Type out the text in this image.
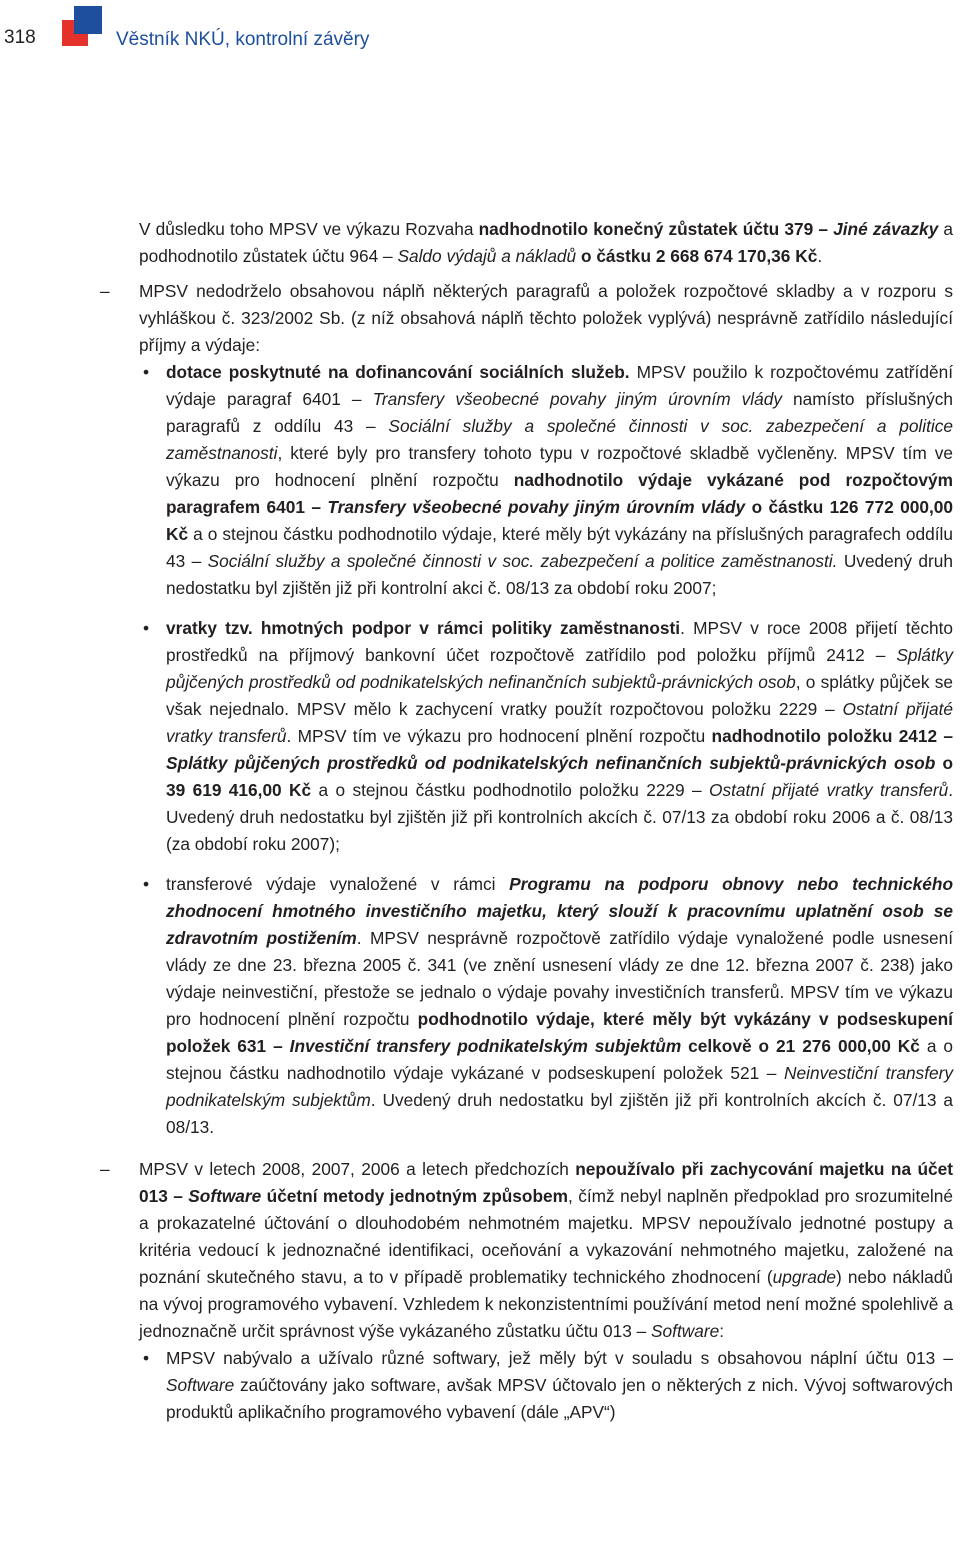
318	Věstník NKÚ, kontrolní závěry

V důsledku toho MPSV ve výkazu Rozvaha nadhodnotilo konečný zůstatek účtu 379 – Jiné závazky a podhodnotilo zůstatek účtu 964 – Saldo výdajů a nákladů o částku 2 668 674 170,36 Kč.

– MPSV nedodrželo obsahovou náplň některých paragrafů a položek rozpočtové skladby a v rozporu s vyhláškou č. 323/2002 Sb. (z níž obsahová náplň těchto položek vyplývá) nesprávně zatřídilo následující příjmy a výdaje:

• dotace poskytnuté na dofinancování sociálních služeb. MPSV použilo k rozpočtovému zatřídění výdaje paragraf 6401 – Transfery všeobecné povahy jiným úrovním vlády namísto příslušných paragrafů z oddílu 43 – Sociální služby a společné činnosti v soc. zabezpečení a politice zaměstnanosti, které byly pro transfery tohoto typu v rozpočtové skladbě vyčleněny. MPSV tím ve výkazu pro hodnocení plnění rozpočtu nadhodnotilo výdaje vykázané pod rozpočtovým paragrafem 6401 – Transfery všeobecné povahy jiným úrovním vlády o částku 126 772 000,00 Kč a o stejnou částku podhodnotilo výdaje, které měly být vykázány na příslušných paragrafech oddílu 43 – Sociální služby a společné činnosti v soc. zabezpečení a politice zaměstnanosti. Uvedený druh nedostatku byl zjištěn již při kontrolní akci č. 08/13 za období roku 2007;

• vratky tzv. hmotných podpor v rámci politiky zaměstnanosti. MPSV v roce 2008 přijetí těchto prostředků na příjmový bankovní účet rozpočtově zatřídilo pod položku příjmů 2412 – Splátky půjčených prostředků od podnikatelských nefinančních subjektů-právnických osob, o splátky půjček se však nejednalo. MPSV mělo k zachycení vratky použít rozpočtovou položku 2229 – Ostatní přijaté vratky transferů. MPSV tím ve výkazu pro hodnocení plnění rozpočtu nadhodnotilo položku 2412 – Splátky půjčených prostředků od podnikatelských nefinančních subjektů-právnických osob o 39 619 416,00 Kč a o stejnou částku podhodnotilo položku 2229 – Ostatní přijaté vratky transferů. Uvedený druh nedostatku byl zjištěn již při kontrolních akcích č. 07/13 za období roku 2006 a č. 08/13 (za období roku 2007);

• transferové výdaje vynaložené v rámci Programu na podporu obnovy nebo technického zhodnocení hmotného investičního majetku, který slouží k pracovnímu uplatnění osob se zdravotním postižením. MPSV nesprávně rozpočtově zatřídilo výdaje vynaložené podle usnesení vlády ze dne 23. března 2005 č. 341 (ve znění usnesení vlády ze dne 12. března 2007 č. 238) jako výdaje neinvestiční, přestože se jednalo o výdaje povahy investičních transferů. MPSV tím ve výkazu pro hodnocení plnění rozpočtu podhodnotilo výdaje, které měly být vykázány v podseskupení položek 631 – Investiční transfery podnikatelským subjektům celkově o 21 276 000,00 Kč a o stejnou částku nadhodnotilo výdaje vykázané v podseskupení položek 521 – Neinvestiční transfery podnikatelským subjektům. Uvedený druh nedostatku byl zjištěn již při kontrolních akcích č. 07/13 a 08/13.

– MPSV v letech 2008, 2007, 2006 a letech předchozích nepoužívalo při zachycování majetku na účet 013 – Software účetní metody jednotným způsobem, čímž nebyl naplněn předpoklad pro srozumitelné a prokazatelné účtování o dlouhodobém nehmotném majetku. MPSV nepoužívalo jednotné postupy a kritéria vedoucí k jednoznačné identifikaci, oceňování a vykazování nehmotného majetku, založené na poznání skutečného stavu, a to v případě problematiky technického zhodnocení (upgrade) nebo nákladů na vývoj programového vybavení. Vzhledem k nekonzistentními používání metod není možné spolehlivě a jednoznačně určit správnost výše vykázaného zůstatku účtu 013 – Software:

• MPSV nabývalo a užívalo různé softwary, jež měly být v souladu s obsahovou náplní účtu 013 – Software zaúčtovány jako software, avšak MPSV účtovalo jen o některých z nich. Vývoj softwarových produktů aplikačního programového vybavení (dále „APV“)
